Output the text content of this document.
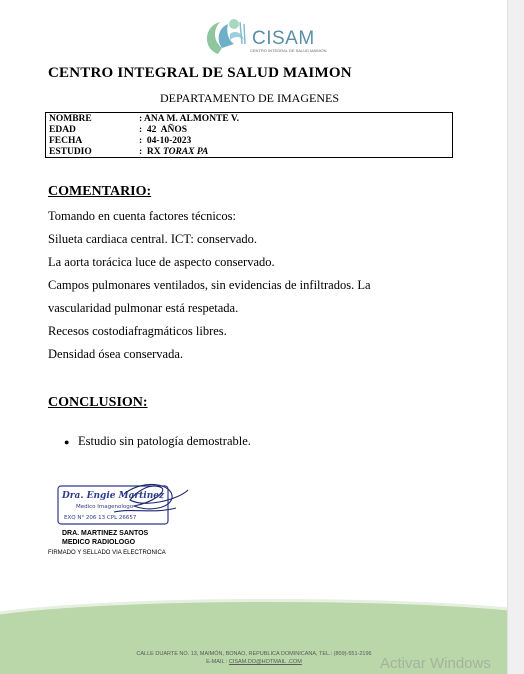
CISAM
CENTRO INTEGRAL DE SALUD MAIMON
CENTRO INTEGRAL DE SALUD MAIMON
DEPARTAMENTO DE IMAGENES
NOMBRE	: ANA M. ALMONTE V.
EDAD	:  42  AÑOS
FECHA	:  04-10-2023
ESTUDIO	:  RX TORAX PA
COMENTARIO:
Tomando en cuenta factores técnicos:
Silueta cardiaca central. ICT: conservado.
La aorta torácica luce de aspecto conservado.
Campos pulmonares ventilados, sin evidencias de infiltrados. La
vascularidad pulmonar está respetada.
Recesos costodiafragmáticos libres.
Densidad ósea conservada.
CONCLUSION:
● Estudio sin patología demostrable.
Dra. Engie Martinez
Medico Imagenologo
EXQ N° 206 13 CPL 26657
DRA. MARTINEZ SANTOS
MEDICO RADIOLOGO
FIRMADO Y SELLADO VIA ELECTRONICA
CALLE DUARTE NO. 13, MAIMÓN, BONAO, REPUBLICA DOMINICANA, TEL.: (809)-551-2196
E-MAIL : CISAM.DO@HOTMAIL .COM	Activar Windows
